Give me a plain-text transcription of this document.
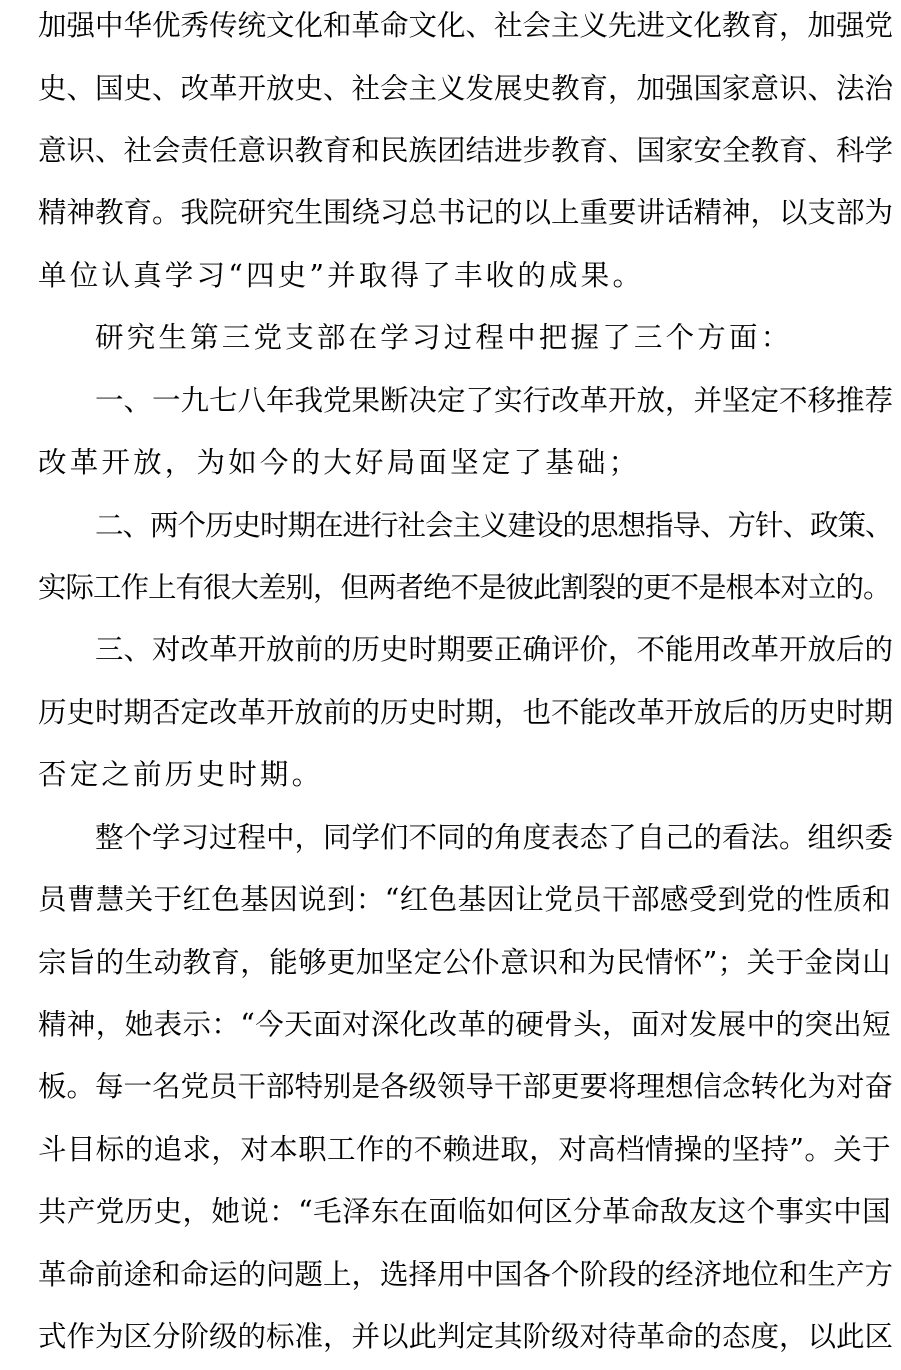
加强中华优秀传统文化和革命文化、社会主义先进文化教育，加强党
史、国史、改革开放史、社会主义发展史教育，加强国家意识、法治
意识、社会责任意识教育和民族团结进步教育、国家安全教育、科学
精神教育。我院研究生围绕习总书记的以上重要讲话精神，以支部为
单位认真学习“四史”并取得了丰收的成果。
研究生第三党支部在学习过程中把握了三个方面：
一、一九七八年我党果断决定了实行改革开放，并坚定不移推荐
改革开放，为如今的大好局面坚定了基础；
二、两个历史时期在进行社会主义建设的思想指导、方针、政策、
实际工作上有很大差别，但两者绝不是彼此割裂的更不是根本对立的。
三、对改革开放前的历史时期要正确评价，不能用改革开放后的
历史时期否定改革开放前的历史时期，也不能改革开放后的历史时期
否定之前历史时期。
整个学习过程中，同学们不同的角度表态了自己的看法。组织委
员曹慧关于红色基因说到：“红色基因让党员干部感受到党的性质和
宗旨的生动教育，能够更加坚定公仆意识和为民情怀”；关于金岗山
精神，她表示：“今天面对深化改革的硬骨头，面对发展中的突出短
板。每一名党员干部特别是各级领导干部更要将理想信念转化为对奋
斗目标的追求，对本职工作的不赖进取，对高档情操的坚持”。关于
共产党历史，她说：“毛泽东在面临如何区分革命敌友这个事实中国
革命前途和命运的问题上，选择用中国各个阶段的经济地位和生产方
式作为区分阶级的标准，并以此判定其阶级对待革命的态度，以此区
